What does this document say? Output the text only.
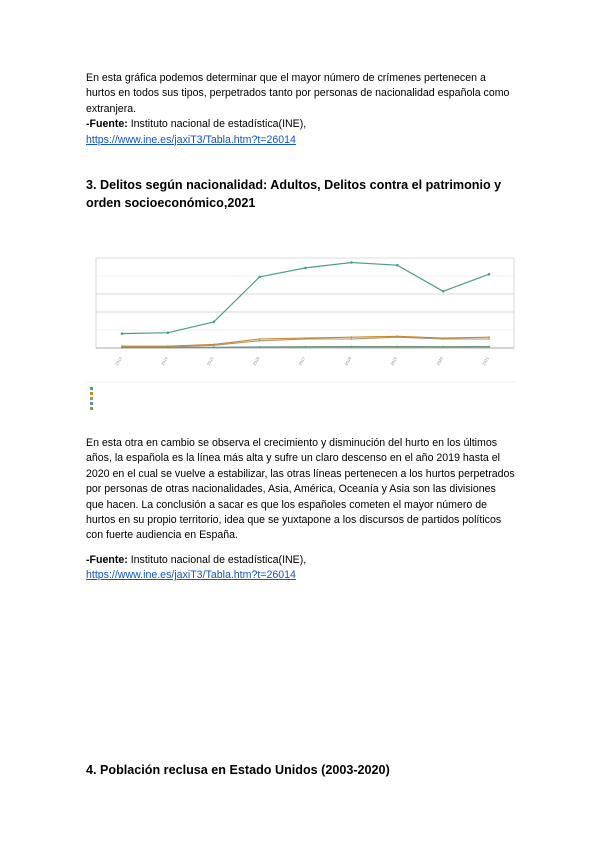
En esta gráfica podemos determinar que el mayor número de crímenes pertenecen a hurtos en todos sus tipos, perpetrados tanto por personas de nacionalidad española como extranjera.

-Fuente: Instituto nacional de estadística(INE),

https://www.ine.es/jaxiT3/Tabla.htm?t=26014

3. Delitos según nacionalidad: Adultos, Delitos contra el patrimonio y orden socioeconómico,2021
2013	2014	2015	2016	2017	2018	2019	2020	2021

En esta otra en cambio se observa el crecimiento y disminución del hurto en los últimos años, la española es la línea más alta y sufre un claro descenso en el año 2019 hasta el 2020 en el cual se vuelve a estabilizar, las otras líneas pertenecen a los hurtos perpetrados por personas de otras nacionalidades, Asia, América, Oceanía y Asia son las divisiones que hacen. La conclusión a sacar es que los españoles cometen el mayor número de hurtos en su propio territorio, idea que se yuxtapone a los discursos de partidos políticos con fuerte audiencia en España.

-Fuente: Instituto nacional de estadística(INE),

https://www.ine.es/jaxiT3/Tabla.htm?t=26014

4. Población reclusa en Estado Unidos (2003-2020)
